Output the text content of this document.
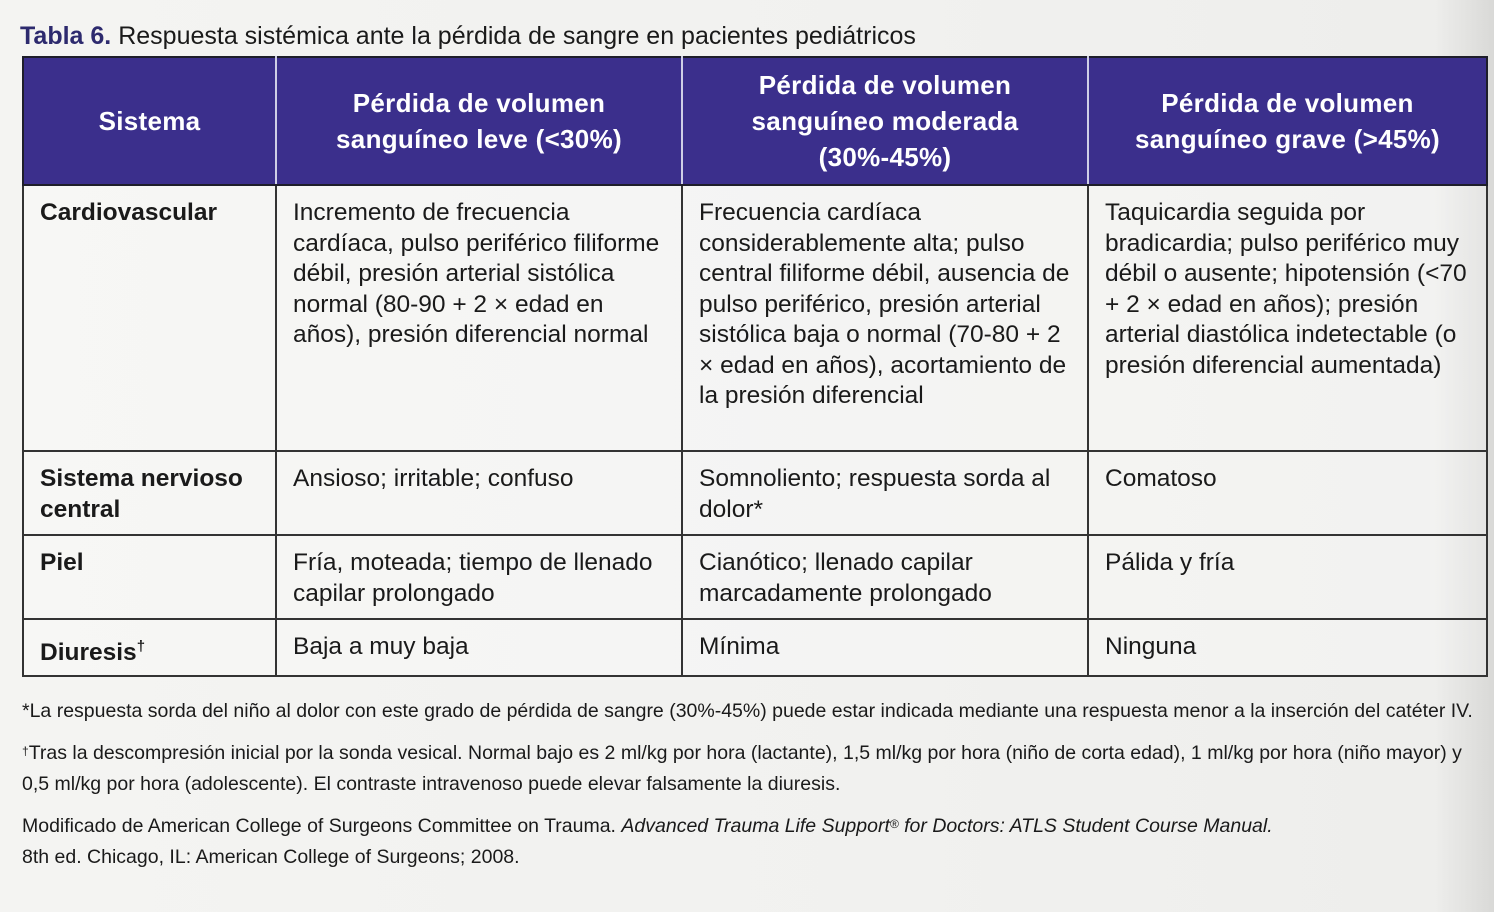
Tabla 6. Respuesta sistémica ante la pérdida de sangre en pacientes pediátricos
Sistema	Pérdida de volumen sanguíneo leve (<30%)	Pérdida de volumen sanguíneo moderada (30%-45%)	Pérdida de volumen sanguíneo grave (>45%)
Cardiovascular	Incremento de frecuencia cardíaca, pulso periférico filiforme débil, presión arterial sistólica normal (80-90 + 2 × edad en años), presión diferencial normal	Frecuencia cardíaca considerablemente alta; pulso central filiforme débil, ausencia de pulso periférico, presión arterial sistólica baja o normal (70-80 + 2 × edad en años), acortamiento de la presión diferencial	Taquicardia seguida por bradicardia; pulso periférico muy débil o ausente; hipotensión (<70 + 2 × edad en años); presión arterial diastólica indetectable (o presión diferencial aumentada)
Sistema nervioso central	Ansioso; irritable; confuso	Somnoliento; respuesta sorda al dolor*	Comatoso
Piel	Fría, moteada; tiempo de llenado capilar prolongado	Cianótico; llenado capilar marcadamente prolongado	Pálida y fría
Diuresis†	Baja a muy baja	Mínima	Ninguna

*La respuesta sorda del niño al dolor con este grado de pérdida de sangre (30%-45%) puede estar indicada mediante una respuesta menor a la inserción del catéter IV.

†Tras la descompresión inicial por la sonda vesical. Normal bajo es 2 ml/kg por hora (lactante), 1,5 ml/kg por hora (niño de corta edad), 1 ml/kg por hora (niño mayor) y 0,5 ml/kg por hora (adolescente). El contraste intravenoso puede elevar falsamente la diuresis.

Modificado de American College of Surgeons Committee on Trauma. Advanced Trauma Life Support® for Doctors: ATLS Student Course Manual.
8th ed. Chicago, IL: American College of Surgeons; 2008.
